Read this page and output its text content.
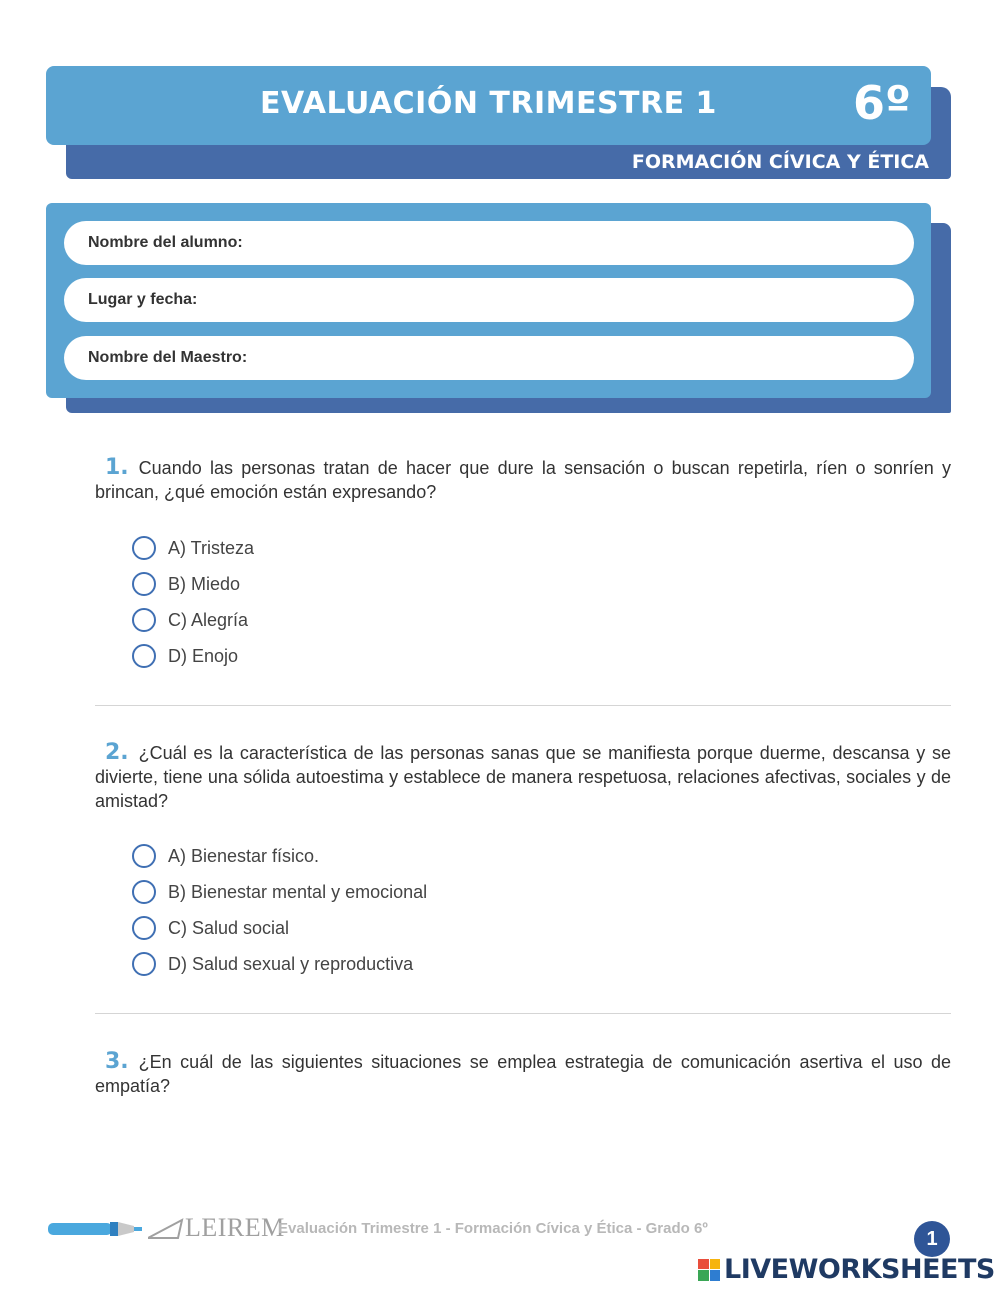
EVALUACIÓN TRIMESTRE 1	6º
FORMACIÓN CÍVICA Y ÉTICA
Nombre del alumno:
Lugar y fecha:
Nombre del Maestro:
1. Cuando las personas tratan de hacer que dure la sensación o buscan repetirla, ríen o sonríen y brincan, ¿qué emoción están expresando?
A) Tristeza
B) Miedo
C) Alegría
D) Enojo
2. ¿Cuál es la característica de las personas sanas que se manifiesta porque duerme, descansa y se divierte, tiene una sólida autoestima y establece de manera respetuosa, relaciones afectivas, sociales y de amistad?
A) Bienestar físico.
B) Bienestar mental y emocional
C) Salud social
D) Salud sexual y reproductiva
3. ¿En cuál de las siguientes situaciones se emplea estrategia de comunicación asertiva el uso de empatía?
LEIREM
Evaluación Trimestre 1 - Formación Cívica y Ética - Grado 6º	1
LIVEWORKSHEETS
